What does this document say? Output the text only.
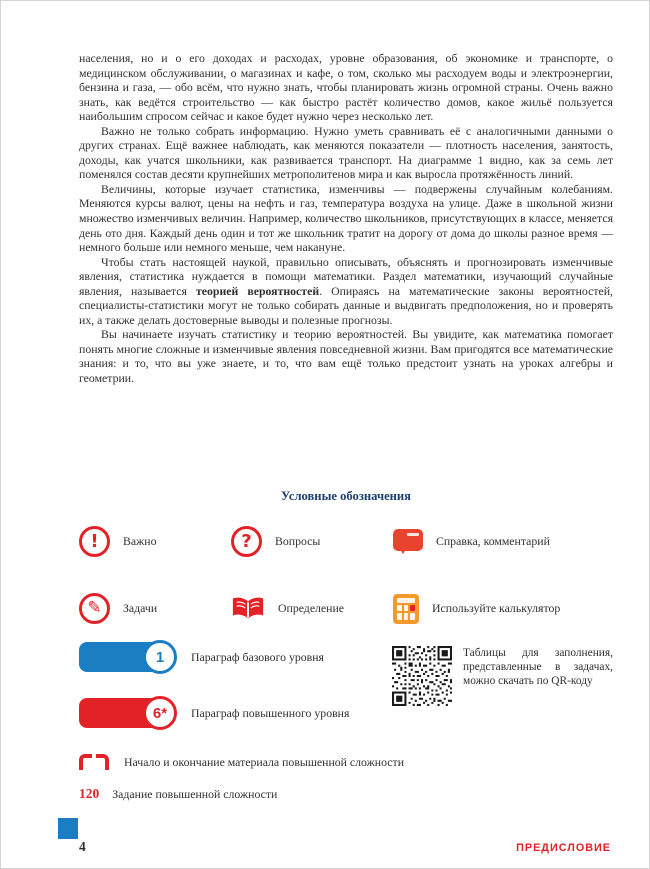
населения, но и о его доходах и расходах, уровне образования, об экономике и транспорте, о медицинском обслуживании, о магазинах и кафе, о том, сколько мы расходуем воды и электроэнергии, бензина и газа, — обо всём, что нужно знать, чтобы планировать жизнь огромной страны. Очень важно знать, как ведётся строительство — как быстро растёт количество домов, какое жильё пользуется наибольшим спросом сейчас и какое будет нужно через несколько лет.

Важно не только собрать информацию. Нужно уметь сравнивать её с аналогичными данными о других странах. Ещё важнее наблюдать, как меняются показатели — плотность населения, занятость, доходы, как учатся школьники, как развивается транспорт. На диаграмме 1 видно, как за семь лет поменялся состав десяти крупнейших метрополитенов мира и как выросла протяжённость линий.

Величины, которые изучает статистика, изменчивы — подвержены случайным колебаниям. Меняются курсы валют, цены на нефть и газ, температура воздуха на улице. Даже в школьной жизни множество изменчивых величин. Например, количество школьников, присутствующих в классе, меняется день ото дня. Каждый день один и тот же школьник тратит на дорогу от дома до школы разное время — немного больше или немного меньше, чем накануне.

Чтобы стать настоящей наукой, правильно описывать, объяснять и прогнозировать изменчивые явления, статистика нуждается в помощи математики. Раздел математики, изучающий случайные явления, называется теорией вероятностей. Опираясь на математические законы вероятностей, специалисты-статистики могут не только собирать данные и выдвигать предположения, но и проверять их, а также делать достоверные выводы и полезные прогнозы.

Вы начинаете изучать статистику и теорию вероятностей. Вы увидите, как математика помогает понять многие сложные и изменчивые явления повседневной жизни. Вам пригодятся все математические знания: и то, что вы уже знаете, и то, что вам ещё только предстоит узнать на уроках алгебры и геометрии.

Условные обозначения
! Важно	? Вопросы	Справка, комментарий
✎ Задачи	Определение	Используйте калькулятор
1	Параграф базового уровня
6*	Параграф повышенного уровня
Таблицы для заполнения, представленные в задачах, можно скачать по QR-коду
Начало и окончание материала повышенной сложности
120 Задание повышенной сложности
4	ПРЕДИСЛОВИЕ
